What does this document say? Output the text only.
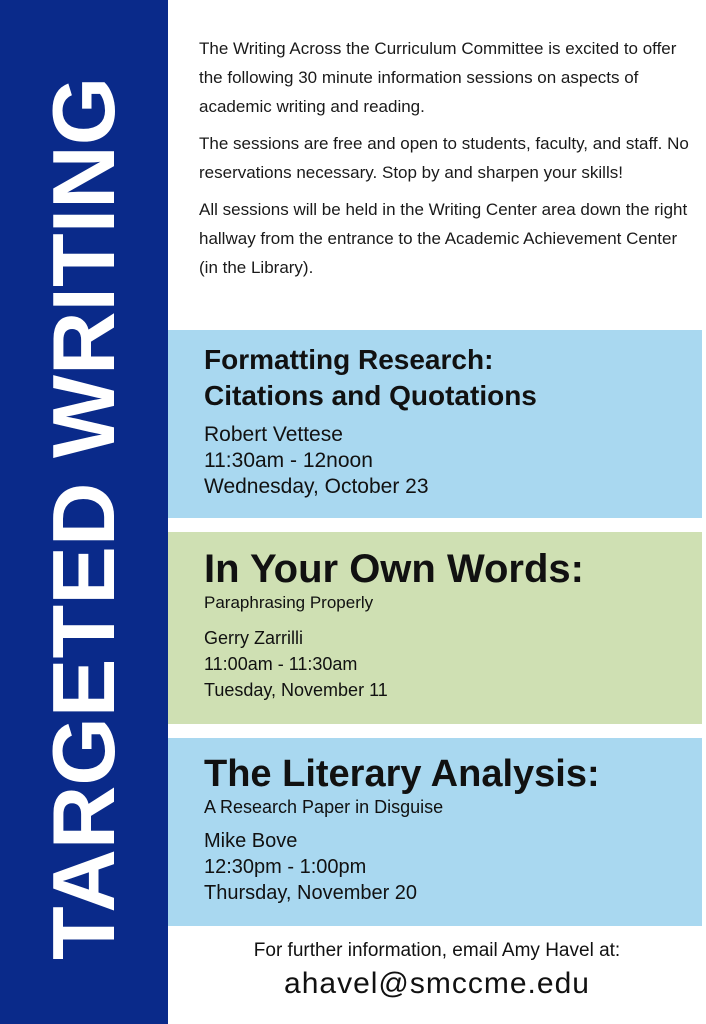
TARGETED WRITING

The Writing Across the Curriculum Committee is excited to offer the following 30 minute information sessions on aspects of academic writing and reading.

The sessions are free and open to students, faculty, and staff. No reservations necessary. Stop by and sharpen your skills!

All sessions will be held in the Writing Center area down the right hallway from the entrance to the Academic Achievement Center (in the Library).

Formatting Research:
Citations and Quotations
Robert Vettese
11:30am - 12noon
Wednesday, October 23
In Your Own Words:
Paraphrasing Properly
Gerry Zarrilli
11:00am - 11:30am
Tuesday, November 11
The Literary Analysis:
A Research Paper in Disguise
Mike Bove
12:30pm - 1:00pm
Thursday, November 20
For further information, email Amy Havel at:
ahavel@smccme.edu
